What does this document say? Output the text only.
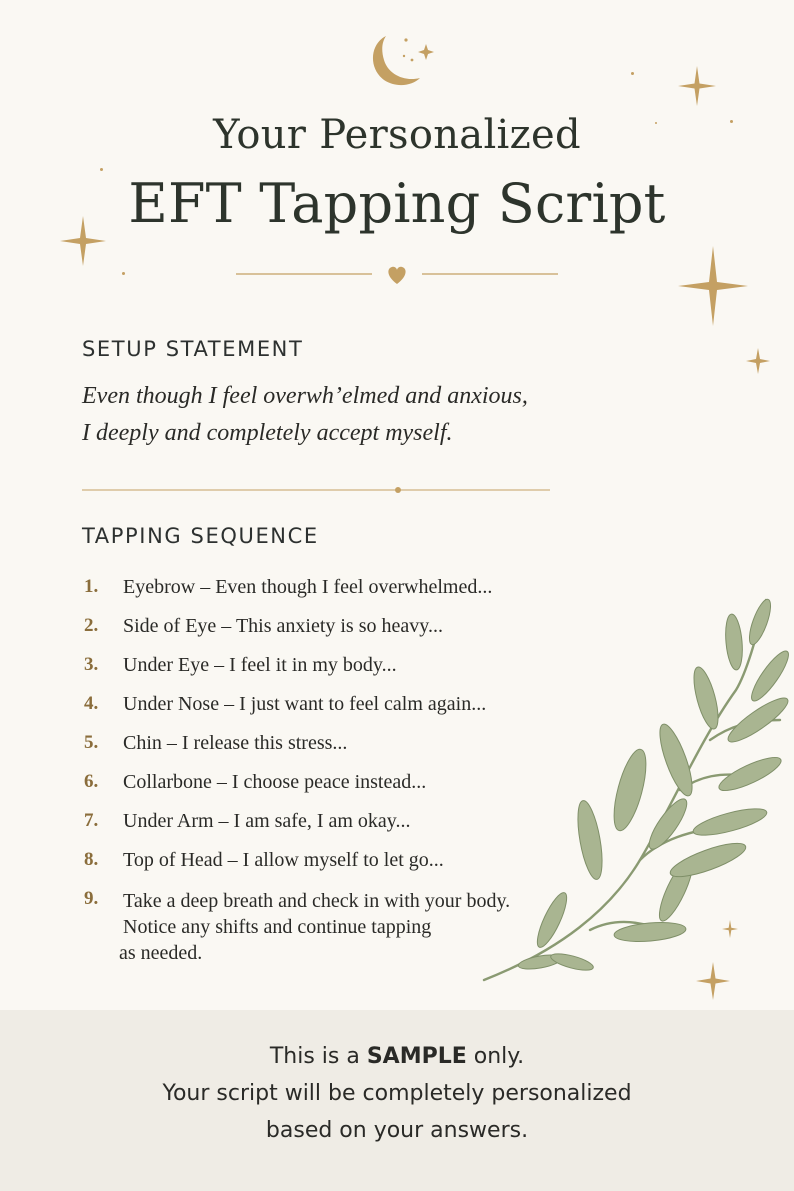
Your Personalized
EFT Tapping Script
SETUP STATEMENT
Even though I feel overwh’elmed and anxious,
I deeply and completely accept myself.
TAPPING SEQUENCE
1. Eyebrow – Even though I feel overwhelmed...
2. Side of Eye – This anxiety is so heavy...
3. Under Eye – I feel it in my body...
4. Under Nose – I just want to feel calm again...
5. Chin – I release this stress...
6. Collarbone – I choose peace instead...
7. Under Arm – I am safe, I am okay...
8. Top of Head – I allow myself to let go...
9. Take a deep breath and check in with your body.
Notice any shifts and continue tapping
as needed.
This is a SAMPLE only.
Your script will be completely personalized
based on your answers.
